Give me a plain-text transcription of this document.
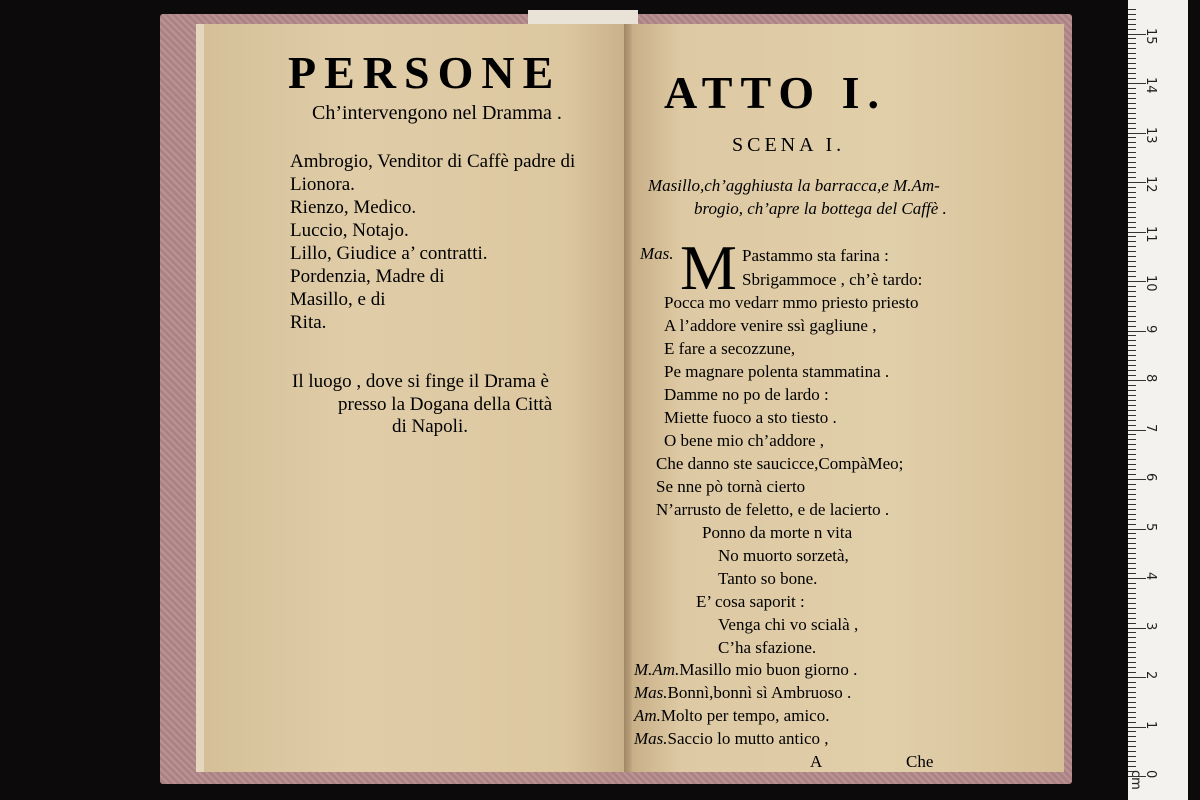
PERSONE
Ch’intervengono nel Dramma .
Ambrogio, Venditor di Caffè padre di
Lionora.
Rienzo, Medico.
Luccio, Notajo.
Lillo, Giudice a’ contratti.
Pordenzia, Madre di
Masillo, e di
Rita.
Il luogo , dove si finge il Drama è
presso la Dogana della Città
di Napoli.
ATTO I.
SCENA I.
Masillo,ch’agghiusta la barracca,e M.Am-
brogio, ch’apre la bottega del Caffè .
Mas. M Pastammo sta farina :
Sbrigammoce , ch’è tardo:
Pocca mo vedarr mmo priesto priesto
A l’addore venire ssì gagliune ,
E fare a secozzune,
Pe magnare polenta stammatina .
Damme no po de lardo :
Miette fuoco a sto tiesto .
O bene mio ch’addore ,
Che danno ste saucicce,CompàMeo;
Se nne pò tornà cierto
N’arrusto de feletto, e de lacierto .
Ponno da morte n vita
No muorto sorzetà,
Tanto so bone.
E’ cosa saporit :
Venga chi vo scialà ,
C’ha sfazione.
M.Am.Masillo mio buon giorno .
Mas.Bonnì,bonnì sì Ambruoso .
Am.Molto per tempo, amico.
Mas.Saccio lo mutto antico ,
A	Che
0 cm
1
2
3
4
5
6
7
8
9
10
11
12
13
14
15
